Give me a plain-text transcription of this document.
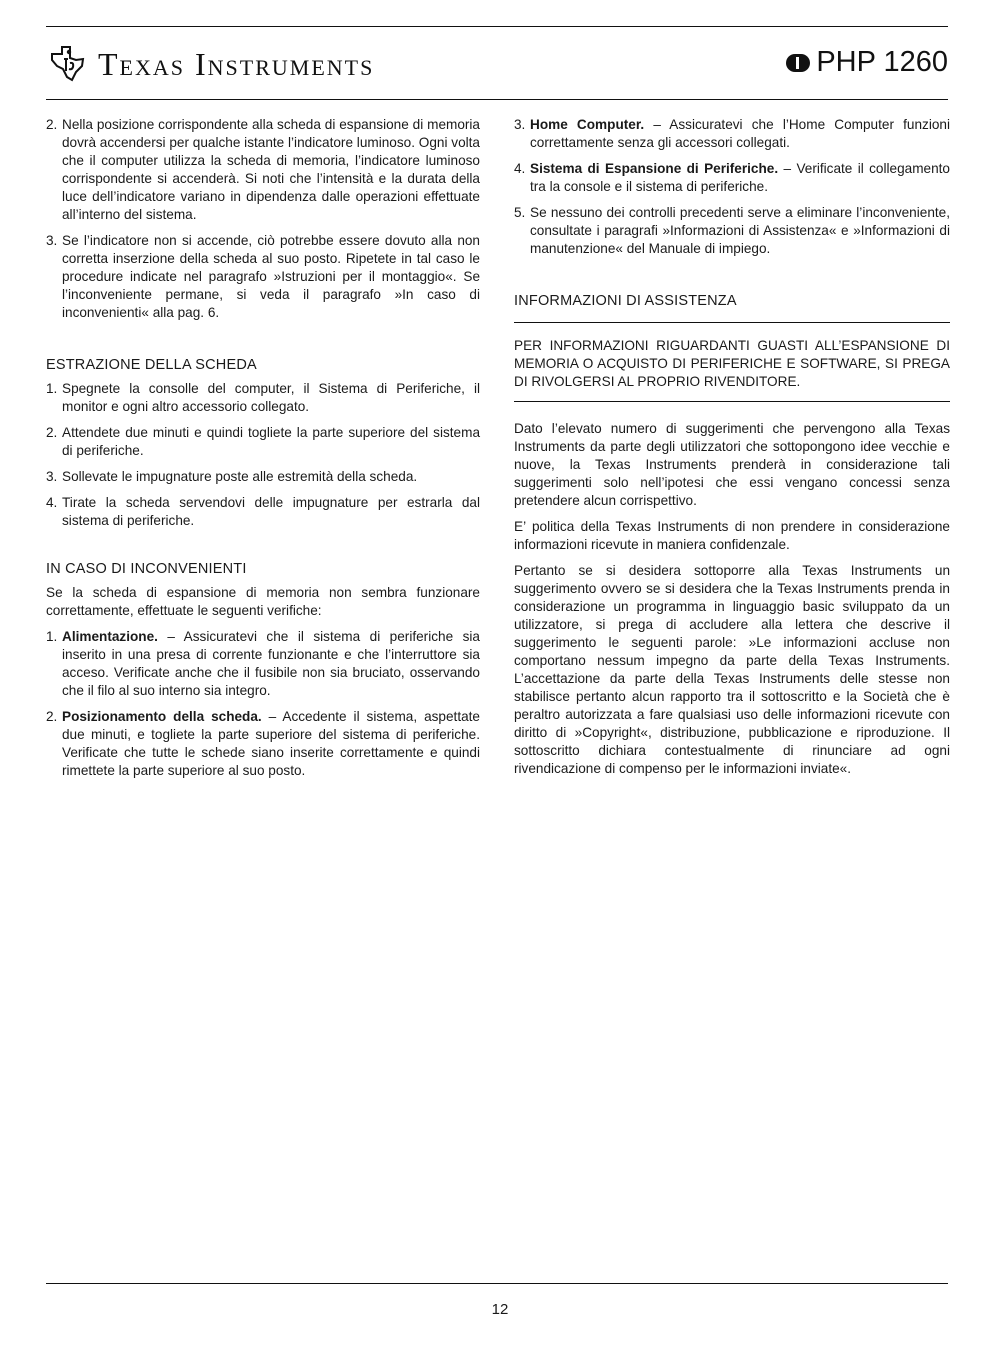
Texas Instruments	PHP 1260
2. Nella posizione corrispondente alla scheda di espansione di memoria dovrà accendersi per qualche istante l’indicatore luminoso. Ogni volta che il computer utilizza la scheda di memoria, l’indicatore luminoso corrispondente si accenderà. Si noti che l’intensità e la durata della luce dell’indicatore variano in dipendenza dalle operazioni effettuate all’interno del sistema.
3. Se l’indicatore non si accende, ciò potrebbe essere dovuto alla non corretta inserzione della scheda al suo posto. Ripetete in tal caso le procedure indicate nel paragrafo »Istruzioni per il montaggio«. Se l’inconveniente permane, si veda il paragrafo »In caso di inconvenienti« alla pag. 6.
ESTRAZIONE DELLA SCHEDA
1. Spegnete la consolle del computer, il Sistema di Periferiche, il monitor e ogni altro accessorio collegato.
2. Attendete due minuti e quindi togliete la parte superiore del sistema di periferiche.
3. Sollevate le impugnature poste alle estremità della scheda.
4. Tirate la scheda servendovi delle impugnature per estrarla dal sistema di periferiche.
IN CASO DI INCONVENIENTI
Se la scheda di espansione di memoria non sembra funzionare correttamente, effettuate le seguenti verifiche:
1. Alimentazione. – Assicuratevi che il sistema di periferiche sia inserito in una presa di corrente funzionante e che l’interruttore sia acceso. Verificate anche che il fusibile non sia bruciato, osservando che il filo al suo interno sia integro.
2. Posizionamento della scheda. – Accedente il sistema, aspettate due minuti, e togliete la parte superiore del sistema di periferiche. Verificate che tutte le schede siano inserite correttamente e quindi rimettete la parte superiore al suo posto.
3. Home Computer. – Assicuratevi che l’Home Computer funzioni correttamente senza gli accessori collegati.
4. Sistema di Espansione di Periferiche. – Verificate il collegamento tra la console e il sistema di periferiche.
5. Se nessuno dei controlli precedenti serve a eliminare l’inconveniente, consultate i paragrafi »Informazioni di Assistenza« e »Informazioni di manutenzione« del Manuale di impiego.
INFORMAZIONI DI ASSISTENZA
PER INFORMAZIONI RIGUARDANTI GUASTI ALL’ESPANSIONE DI MEMORIA O ACQUISTO DI PERIFERICHE E SOFTWARE, SI PREGA DI RIVOLGERSI AL PROPRIO RIVENDITORE.
Dato l’elevato numero di suggerimenti che pervengono alla Texas Instruments da parte degli utilizzatori che sottopongono idee vecchie e nuove, la Texas Instruments prenderà in considerazione tali suggerimenti solo nell’ipotesi che essi vengano concessi senza pretendere alcun corrispettivo.
E’ politica della Texas Instruments di non prendere in considerazione informazioni ricevute in maniera confidenzale.
Pertanto se si desidera sottoporre alla Texas Instruments un suggerimento ovvero se si desidera che la Texas Instruments prenda in considerazione un programma in linguaggio basic sviluppato da un utilizzatore, si prega di accludere alla lettera che descrive il suggerimento le seguenti parole: »Le informazioni accluse non comportano nessum impegno da parte della Texas Instruments. L’accettazione da parte della Texas Instruments delle stesse non stabilisce pertanto alcun rapporto tra il sottoscritto e la Società che è peraltro autorizzata a fare qualsiasi uso delle informazioni ricevute con diritto di »Copyright«, distribuzione, pubblicazione e riproduzione. Il sottoscritto dichiara contestualmente di rinunciare ad ogni rivendicazione di compenso per le informazioni inviate«.
12
